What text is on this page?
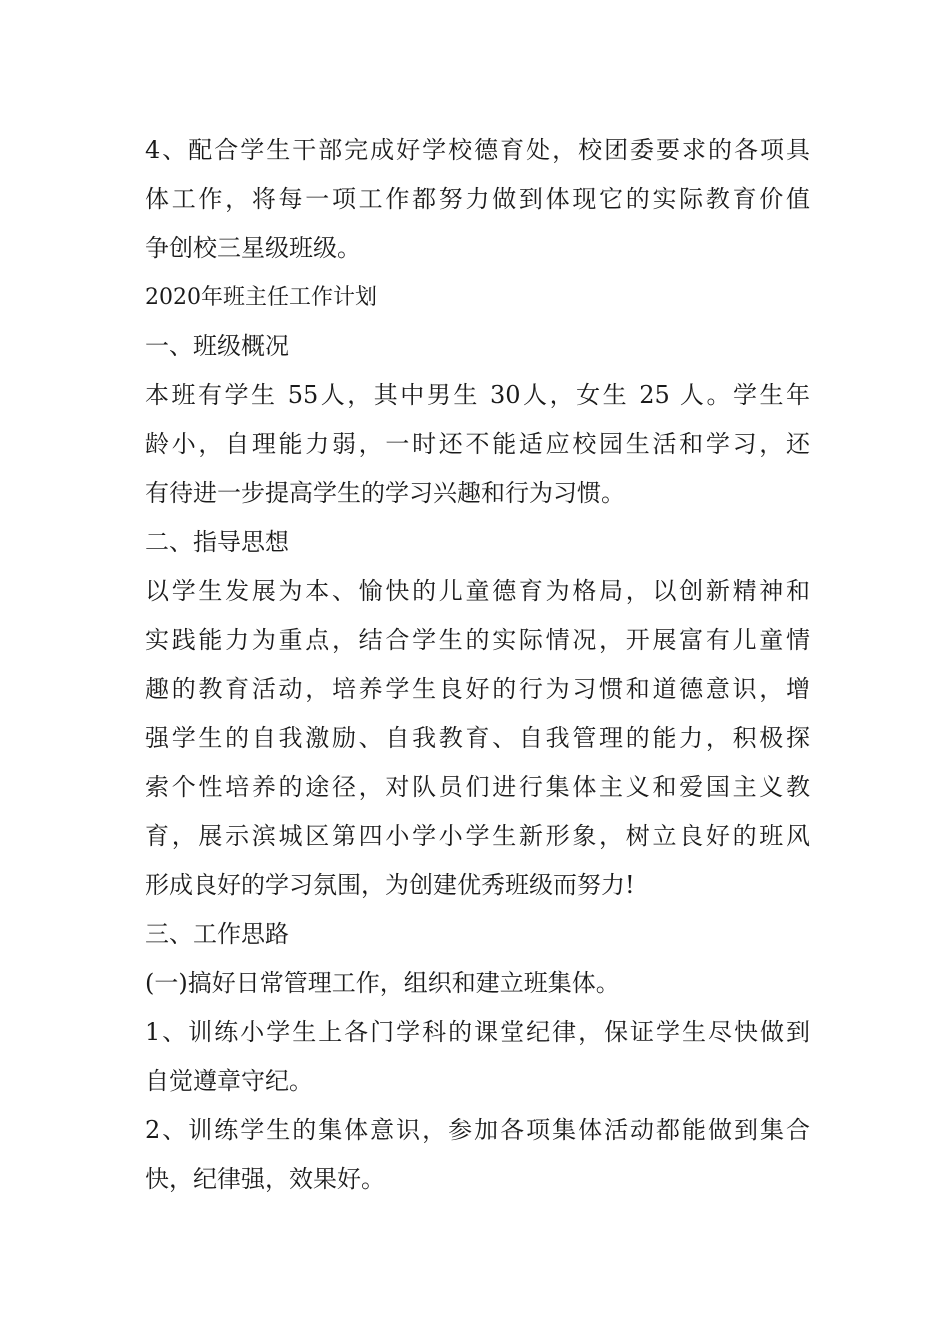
4、配合学生干部完成好学校德育处，校团委要求的各项具
体工作，将每一项工作都努力做到体现它的实际教育价值
争创校三星级班级。
2020年班主任工作计划
一、班级概况
本班有学生 55人，其中男生 30人，女生 25 人。学生年
龄小，自理能力弱，一时还不能适应校园生活和学习，还
有待进一步提高学生的学习兴趣和行为习惯。
二、指导思想
以学生发展为本、愉快的儿童德育为格局，以创新精神和
实践能力为重点，结合学生的实际情况，开展富有儿童情
趣的教育活动，培养学生良好的行为习惯和道德意识，增
强学生的自我激励、自我教育、自我管理的能力，积极探
索个性培养的途径，对队员们进行集体主义和爱国主义教
育，展示滨城区第四小学小学生新形象，树立良好的班风
形成良好的学习氛围，为创建优秀班级而努力!
三、工作思路
(一)搞好日常管理工作，组织和建立班集体。
1、训练小学生上各门学科的课堂纪律，保证学生尽快做到
自觉遵章守纪。
2、训练学生的集体意识，参加各项集体活动都能做到集合
快，纪律强，效果好。
